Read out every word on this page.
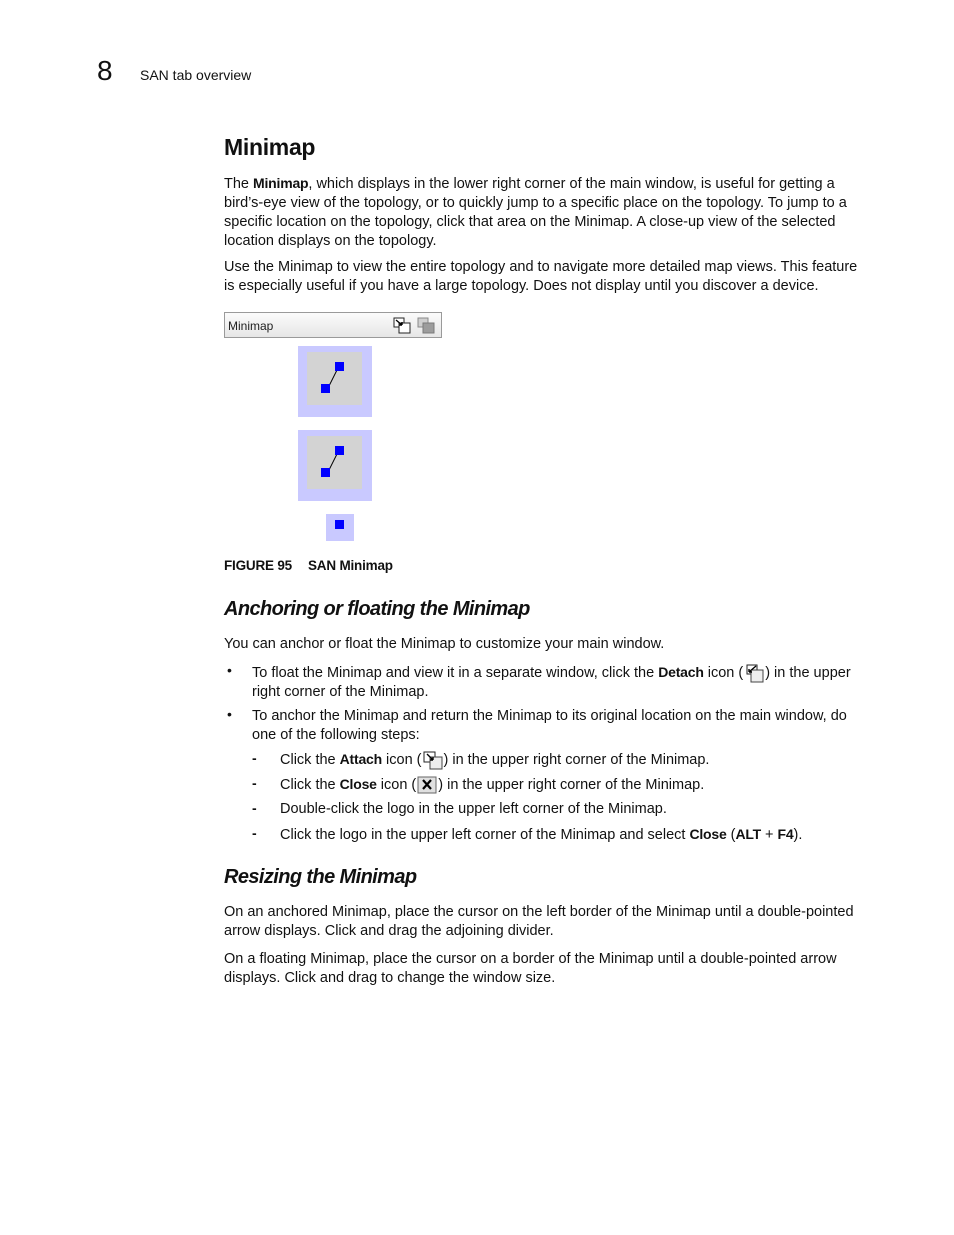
8 SAN tab overview
Minimap

The Minimap, which displays in the lower right corner of the main window, is useful for getting a bird’s-eye view of the topology, or to quickly jump to a specific place on the topology. To jump to a specific location on the topology, click that area on the Minimap. A close-up view of the selected location displays on the topology.

Use the Minimap to view the entire topology and to navigate more detailed map views. This feature is especially useful if you have a large topology. Does not display until you discover a device.

Minimap
FIGURE 95 SAN Minimap
Anchoring or floating the Minimap

You can anchor or float the Minimap to customize your main window.

• To float the Minimap and view it in a separate window, click the Detach icon ( ) in the upper right corner of the Minimap.

• To anchor the Minimap and return the Minimap to its original location on the main window, do one of the following steps:

- Click the Attach icon ( ) in the upper right corner of the Minimap.

- Click the Close icon ( ) in the upper right corner of the Minimap.

- Double-click the logo in the upper left corner of the Minimap.

- Click the logo in the upper left corner of the Minimap and select Close (ALT + F4).

Resizing the Minimap

On an anchored Minimap, place the cursor on the left border of the Minimap until a double-pointed arrow displays. Click and drag the adjoining divider.

On a floating Minimap, place the cursor on a border of the Minimap until a double-pointed arrow displays. Click and drag to change the window size.
